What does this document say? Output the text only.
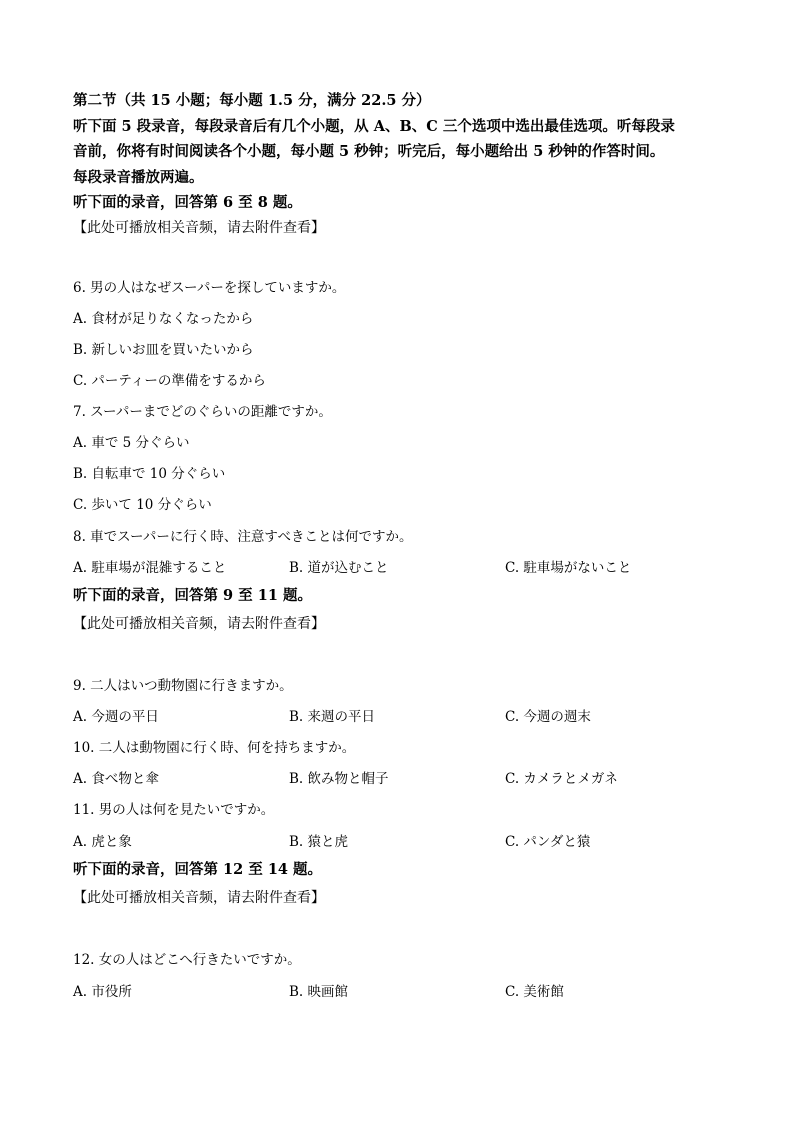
第二节（共 15 小题；每小题 1.5 分，满分 22.5 分）

听下面 5 段录音，每段录音后有几个小题，从 A、B、C 三个选项中选出最佳选项。听每段录

音前，你将有时间阅读各个小题，每小题 5 秒钟；听完后，每小题给出 5 秒钟的作答时间。

每段录音播放两遍。

听下面的录音，回答第 6 至 8 题。

【此处可播放相关音频，请去附件查看】

6. 男の人はなぜスーパーを探していますか。
A. 食材が足りなくなったから
B. 新しいお皿を買いたいから
C. パーティーの準備をするから
7. スーパーまでどのぐらいの距離ですか。
A. 車で 5 分ぐらい
B. 自転車で 10 分ぐらい
C. 歩いて 10 分ぐらい
8. 車でスーパーに行く時、注意すべきことは何ですか。
A. 駐車場が混雑すること	B. 道が込むこと	C. 駐車場がないこと
听下面的录音，回答第 9 至 11 题。
【此处可播放相关音频，请去附件查看】
9. 二人はいつ動物園に行きますか。
A. 今週の平日	B. 来週の平日	C. 今週の週末
10. 二人は動物園に行く時、何を持ちますか。
A. 食べ物と傘	B. 飲み物と帽子	C. カメラとメガネ
11. 男の人は何を見たいですか。
A. 虎と象	B. 猿と虎	C. パンダと猿
听下面的录音，回答第 12 至 14 题。
【此处可播放相关音频，请去附件查看】
12. 女の人はどこへ行きたいですか。
A. 市役所	B. 映画館	C. 美術館
